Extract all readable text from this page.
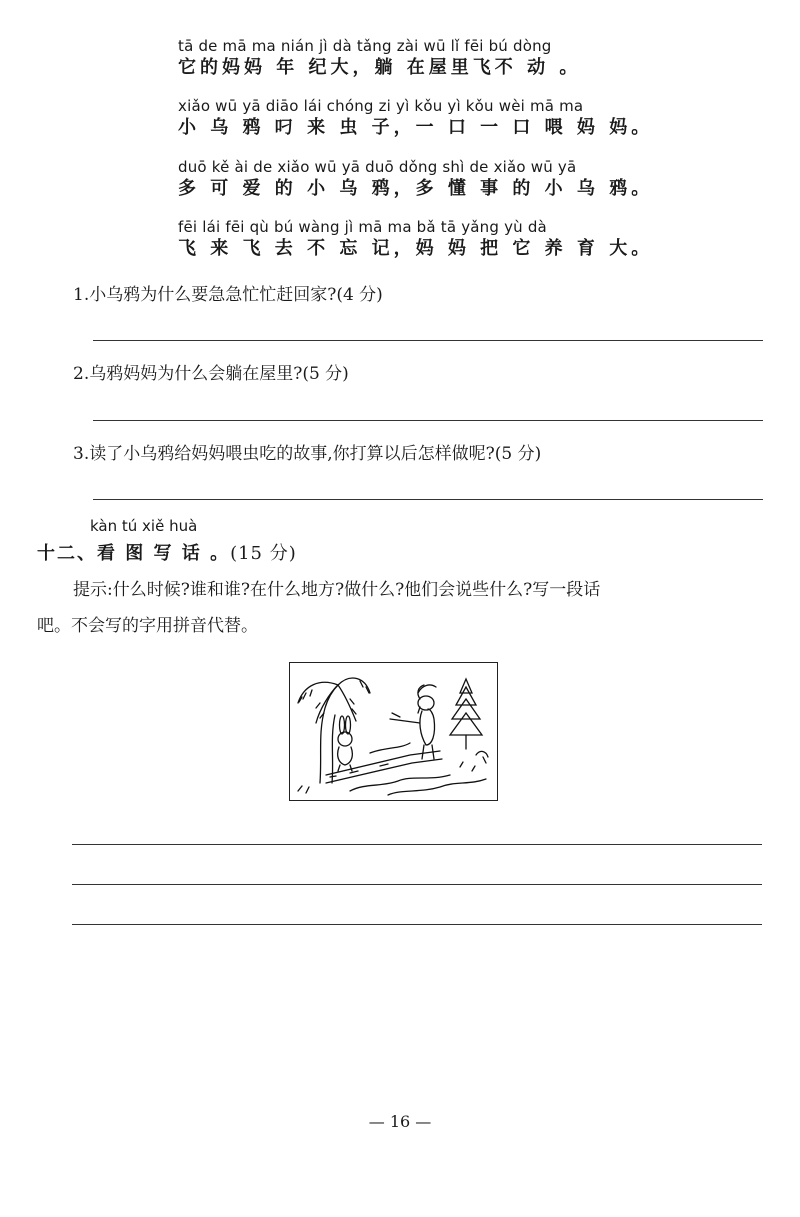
tā de mā ma nián jì dà tǎng zài wū lǐ fēi bú dòng
它的妈妈 年 纪大，躺 在屋里飞不 动 。
xiǎo wū yā diāo lái chóng zi yì kǒu yì kǒu wèi mā ma
小 乌 鸦 叼 来 虫 子，一 口 一 口 喂 妈 妈。
duō kě ài de xiǎo wū yā duō dǒng shì de xiǎo wū yā
多 可 爱 的 小 乌 鸦，多 懂 事 的 小 乌 鸦。
fēi lái fēi qù bú wàng jì mā ma bǎ tā yǎng yù dà
飞 来 飞 去 不 忘 记，妈 妈 把 它 养 育 大。
1.小乌鸦为什么要急急忙忙赶回家?(4 分)
2.乌鸦妈妈为什么会躺在屋里?(5 分)
3.读了小乌鸦给妈妈喂虫吃的故事,你打算以后怎样做呢?(5 分)
kàn tú xiě huà
十二、看 图 写 话 。(15 分)

提示:什么时候?谁和谁?在什么地方?做什么?他们会说些什么?写一段话

吧。不会写的字用拼音代替。

— 16 —
